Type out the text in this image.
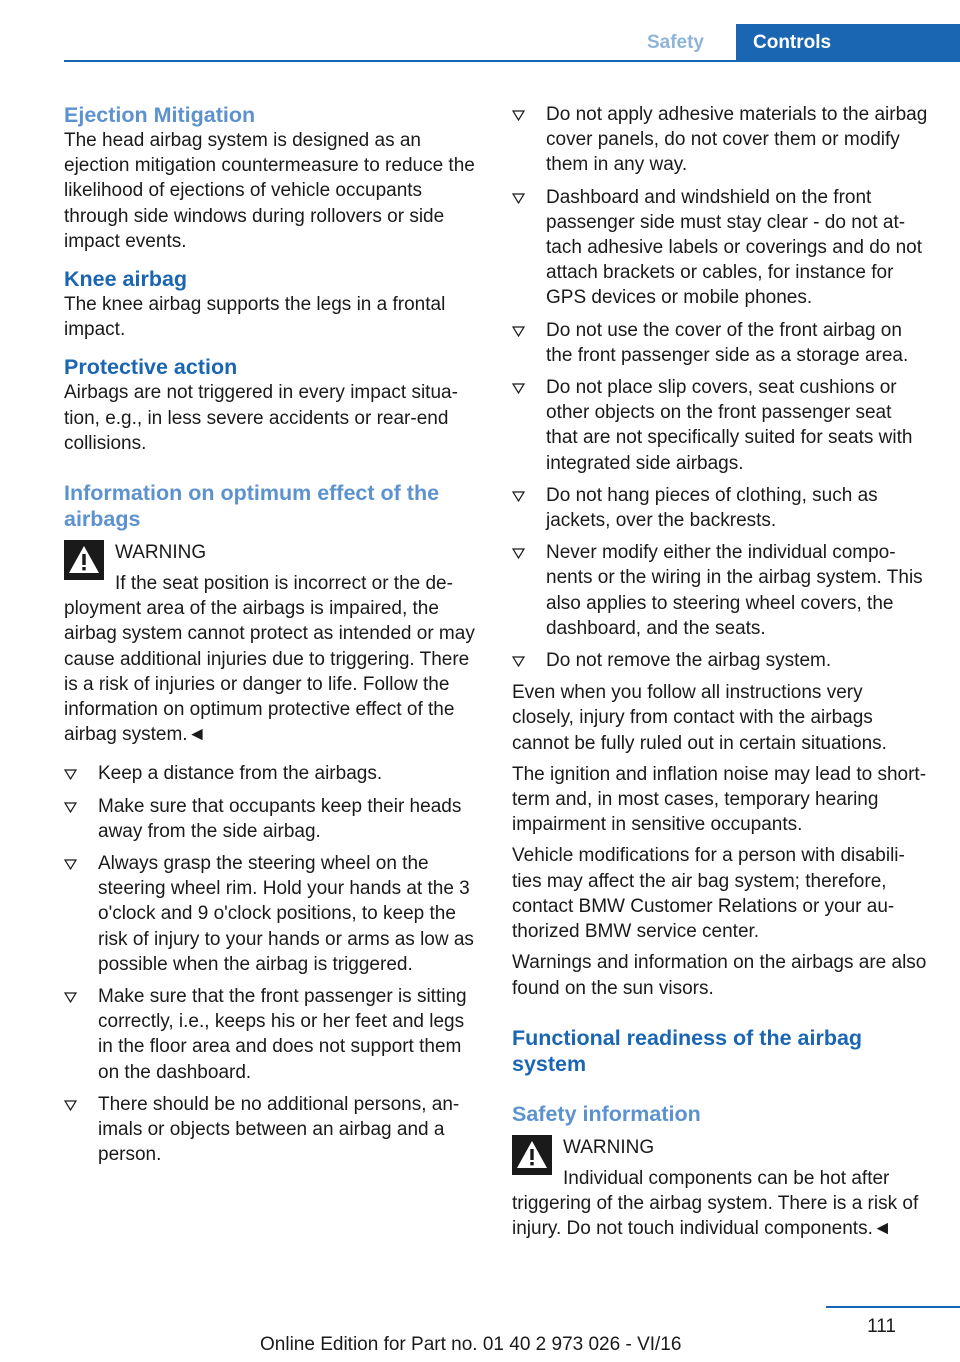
Safety	Controls
Ejection Mitigation

The head airbag system is designed as an ejection mitigation countermeasure to reduce the likelihood of ejections of vehicle occupants through side windows during rollovers or side impact events.

Knee airbag

The knee airbag supports the legs in a frontal impact.

Protective action

Airbags are not triggered in every impact situation, e.g., in less severe accidents or rear-end collisions.

Information on optimum effect of the airbags
WARNING
If the seat position is incorrect or the deployment area of the airbags is impaired, the airbag system cannot protect as intended or may cause additional injuries due to triggering. There is a risk of injuries or danger to life. Follow the information on optimum protective effect of the airbag system.◄
Keep a distance from the airbags.
Make sure that occupants keep their heads away from the side airbag.
Always grasp the steering wheel on the steering wheel rim. Hold your hands at the 3 o'clock and 9 o'clock positions, to keep the risk of injury to your hands or arms as low as possible when the airbag is triggered.
Make sure that the front passenger is sitting correctly, i.e., keeps his or her feet and legs in the floor area and does not support them on the dashboard.
There should be no additional persons, animals or objects between an airbag and a person.
Do not apply adhesive materials to the airbag cover panels, do not cover them or modify them in any way.
Dashboard and windshield on the front passenger side must stay clear - do not attach adhesive labels or coverings and do not attach brackets or cables, for instance for GPS devices or mobile phones.
Do not use the cover of the front airbag on the front passenger side as a storage area.
Do not place slip covers, seat cushions or other objects on the front passenger seat that are not specifically suited for seats with integrated side airbags.
Do not hang pieces of clothing, such as jackets, over the backrests.
Never modify either the individual components or the wiring in the airbag system. This also applies to steering wheel covers, the dashboard, and the seats.
Do not remove the airbag system.

Even when you follow all instructions very closely, injury from contact with the airbags cannot be fully ruled out in certain situations.

The ignition and inflation noise may lead to short-term and, in most cases, temporary hearing impairment in sensitive occupants.

Vehicle modifications for a person with disabilities may affect the air bag system; therefore, contact BMW Customer Relations or your authorized BMW service center.

Warnings and information on the airbags are also found on the sun visors.

Functional readiness of the airbag system
Safety information
WARNING
Individual components can be hot after triggering of the airbag system. There is a risk of injury. Do not touch individual components.◄
111
Online Edition for Part no. 01 40 2 973 026 - VI/16
